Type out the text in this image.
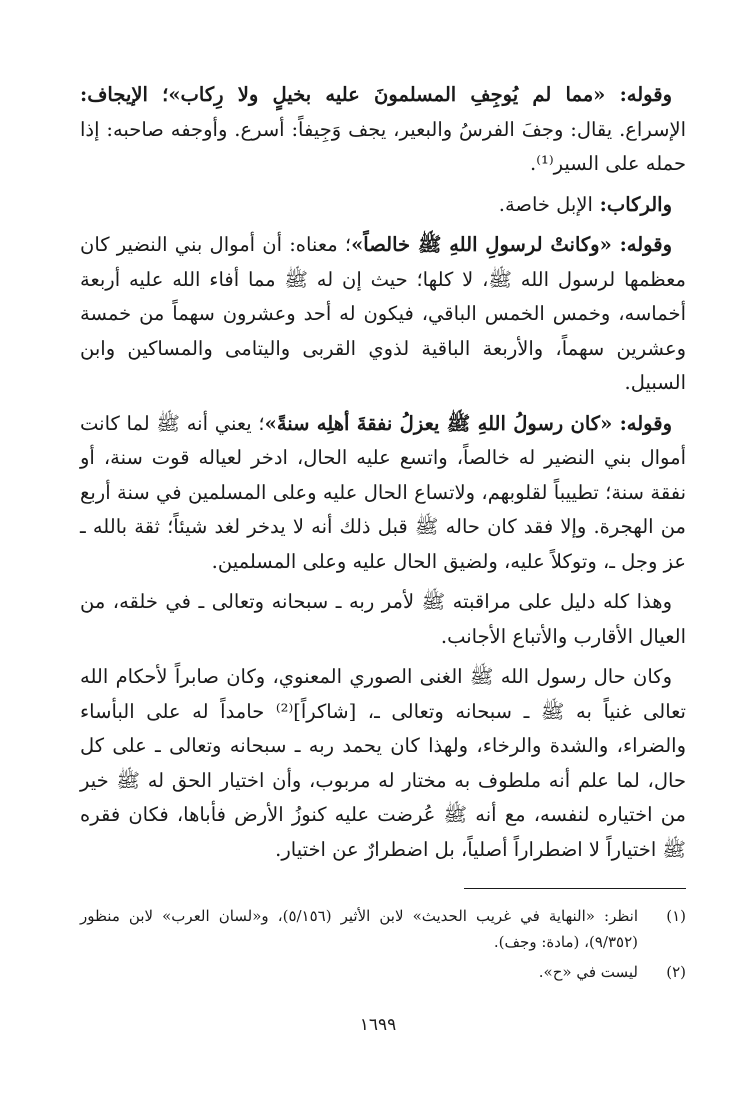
وقوله: «مما لم يُوجِفِ المسلمونَ عليه بخيلٍ ولا رِكاب»؛ الإيجاف: الإسراع. يقال: وجفَ الفرسُ والبعير، يجف وَجِيفاً: أسرع. وأوجفه صاحبه: إذا حمله على السير⁽¹⁾.

والركاب: الإبل خاصة.

وقوله: «وكانتْ لرسولِ اللهِ ﷺ خالصاً»؛ معناه: أن أموال بني النضير كان معظمها لرسول الله ﷺ، لا كلها؛ حيث إن له ﷺ مما أفاء الله عليه أربعة أخماسه، وخمس الخمس الباقي، فيكون له أحد وعشرون سهماً من خمسة وعشرين سهماً، والأربعة الباقية لذوي القربى واليتامى والمساكين وابن السبيل.

وقوله: «كان رسولُ اللهِ ﷺ يعزلُ نفقةَ أهلِه سنةً»؛ يعني أنه ﷺ لما كانت أموال بني النضير له خالصاً، واتسع عليه الحال، ادخر لعياله قوت سنة، أو نفقة سنة؛ تطييباً لقلوبهم، ولاتساع الحال عليه وعلى المسلمين في سنة أربع من الهجرة. وإلا فقد كان حاله ﷺ قبل ذلك أنه لا يدخر لغد شيئاً؛ ثقة بالله ـ عز وجل ـ، وتوكلاً عليه، ولضيق الحال عليه وعلى المسلمين.

وهذا كله دليل على مراقبته ﷺ لأمر ربه ـ سبحانه وتعالى ـ في خلقه، من العيال الأقارب والأتباع الأجانب.

وكان حال رسول الله ﷺ الغنى الصوري المعنوي، وكان صابراً لأحكام الله تعالى غنياً به ﷺ ـ سبحانه وتعالى ـ، [شاكراً]⁽²⁾ حامداً له على البأساء والضراء، والشدة والرخاء، ولهذا كان يحمد ربه ـ سبحانه وتعالى ـ على كل حال، لما علم أنه ملطوف به مختار له مربوب، وأن اختيار الحق له ﷺ خير من اختياره لنفسه، مع أنه ﷺ عُرضت عليه كنوزُ الأرض فأباها، فكان فقره ﷺ اختياراً لا اضطراراً أصلياً، بل اضطرارٌ عن اختيار.

(١)
انظر: «النهاية في غريب الحديث» لابن الأثير (٥/١٥٦)، و«لسان العرب» لابن منظور (٩/٣٥٢)، (مادة: وجف).
(٢)
ليست في «ح».
١٦٩٩
